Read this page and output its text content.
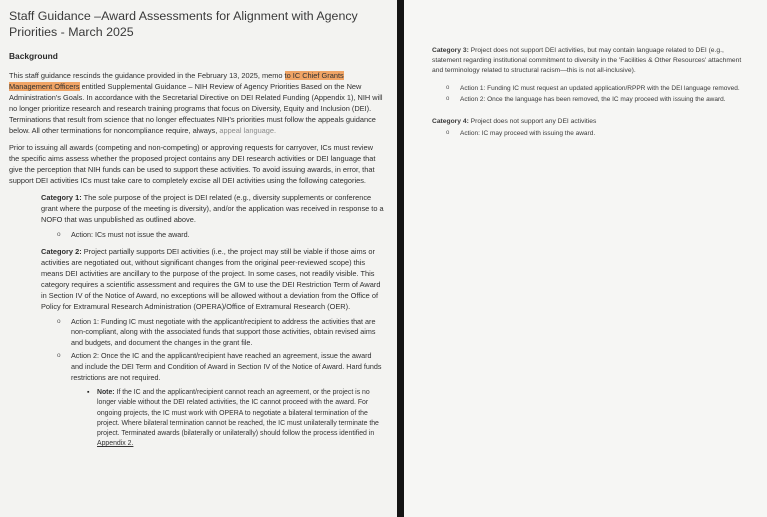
Staff Guidance –Award Assessments for Alignment with Agency Priorities - March 2025
Background

This staff guidance rescinds the guidance provided in the February 13, 2025, memo to IC Chief Grants Management Officers entitled Supplemental Guidance – NIH Review of Agency Priorities Based on the New Administration's Goals. In accordance with the Secretarial Directive on DEI Related Funding (Appendix 1), NIH will no longer prioritize research and research training programs that focus on Diversity, Equity and Inclusion (DEI). Terminations that result from science that no longer effectuates NIH's priorities must follow the appeals guidance below. All other terminations for noncompliance require, always, appeal language.

Prior to issuing all awards (competing and non-competing) or approving requests for carryover, ICs must review the specific aims assess whether the proposed project contains any DEI research activities or DEI language that give the perception that NIH funds can be used to support these activities. To avoid issuing awards, in error, that support DEI activities ICs must take care to completely excise all DEI activities using the following categories.

Category 1: The sole purpose of the project is DEI related (e.g., diversity supplements or conference grant where the purpose of the meeting is diversity), and/or the application was received in response to a NOFO that was unpublished as outlined above.
o Action: ICs must not issue the award.
Category 2: Project partially supports DEI activities (i.e., the project may still be viable if those aims or activities are negotiated out, without significant changes from the original peer-reviewed scope) this means DEI activities are ancillary to the purpose of the project. In some cases, not readily visible. This category requires a scientific assessment and requires the GM to use the DEI Restriction Term of Award in Section IV of the Notice of Award, no exceptions will be allowed without a deviation from the Office of Policy for Extramural Research Administration (OPERA)/Office of Extramural Research (OER).
o Action 1: Funding IC must negotiate with the applicant/recipient to address the activities that are non-compliant, along with the associated funds that support those activities, obtain revised aims and budgets, and document the changes in the grant file.
o Action 2: Once the IC and the applicant/recipient have reached an agreement, issue the award and include the DEI Term and Condition of Award in Section IV of the Notice of Award. Hard funds restrictions are not required.
▪ Note: If the IC and the applicant/recipient cannot reach an agreement, or the project is no longer viable without the DEI related activities, the IC cannot proceed with the award. For ongoing projects, the IC must work with OPERA to negotiate a bilateral termination of the project. Where bilateral termination cannot be reached, the IC must unilaterally terminate the project. Terminated awards (bilaterally or unilaterally) should follow the process identified in Appendix 2.
Category 3: Project does not support DEI activities, but may contain language related to DEI (e.g., statement regarding institutional commitment to diversity in the 'Facilities & Other Resources' attachment and terminology related to structural racism—this is not all-inclusive).
o Action 1: Funding IC must request an updated application/RPPR with the DEI language removed.
o Action 2: Once the language has been removed, the IC may proceed with issuing the award.
Category 4: Project does not support any DEI activities
o Action: IC may proceed with issuing the award.
